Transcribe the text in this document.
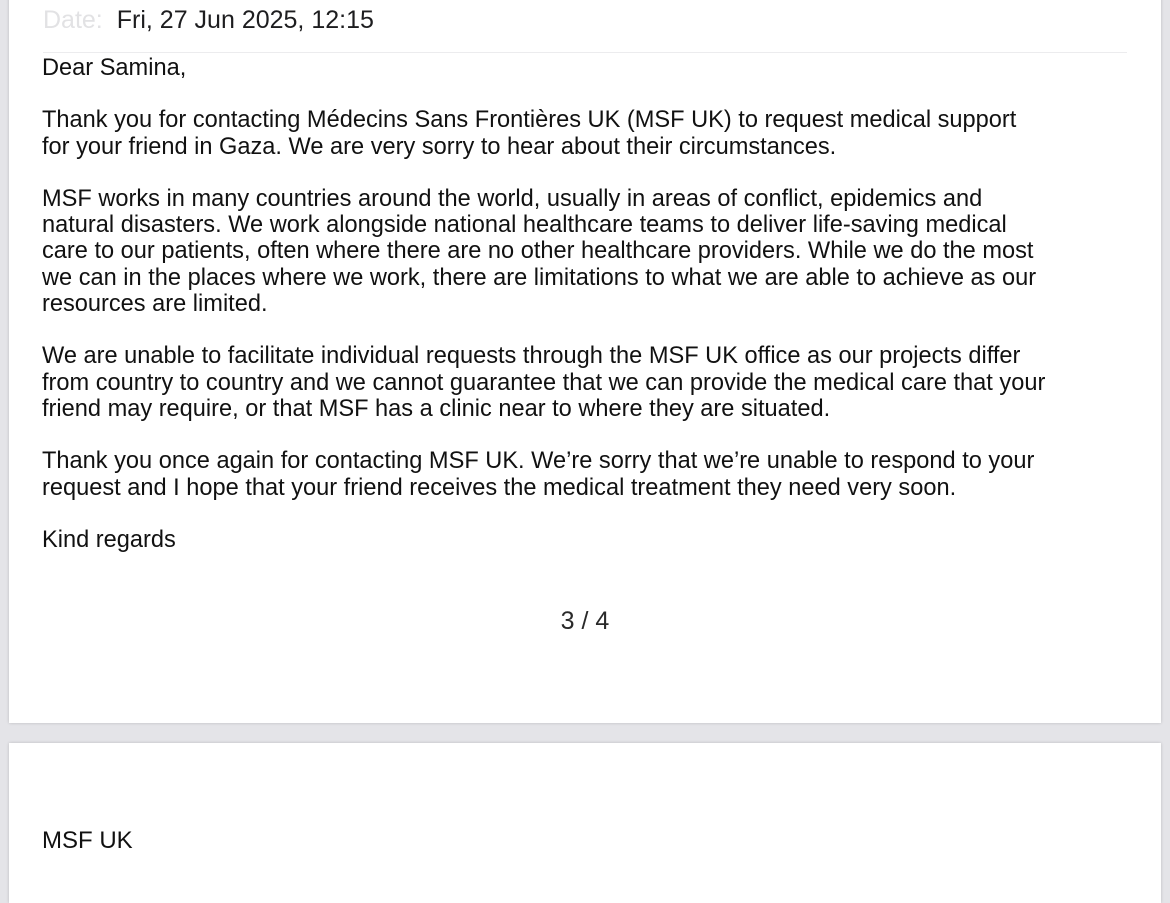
Date: Fri, 27 Jun 2025, 12:15

Dear Samina,

Thank you for contacting Médecins Sans Frontières UK (MSF UK) to request medical support
for your friend in Gaza. We are very sorry to hear about their circumstances.

MSF works in many countries around the world, usually in areas of conflict, epidemics and
natural disasters. We work alongside national healthcare teams to deliver life-saving medical
care to our patients, often where there are no other healthcare providers. While we do the most
we can in the places where we work, there are limitations to what we are able to achieve as our
resources are limited.

We are unable to facilitate individual requests through the MSF UK office as our projects differ
from country to country and we cannot guarantee that we can provide the medical care that your
friend may require, or that MSF has a clinic near to where they are situated.

Thank you once again for contacting MSF UK. We’re sorry that we’re unable to respond to your
request and I hope that your friend receives the medical treatment they need very soon.

Kind regards

3 / 4
MSF UK
